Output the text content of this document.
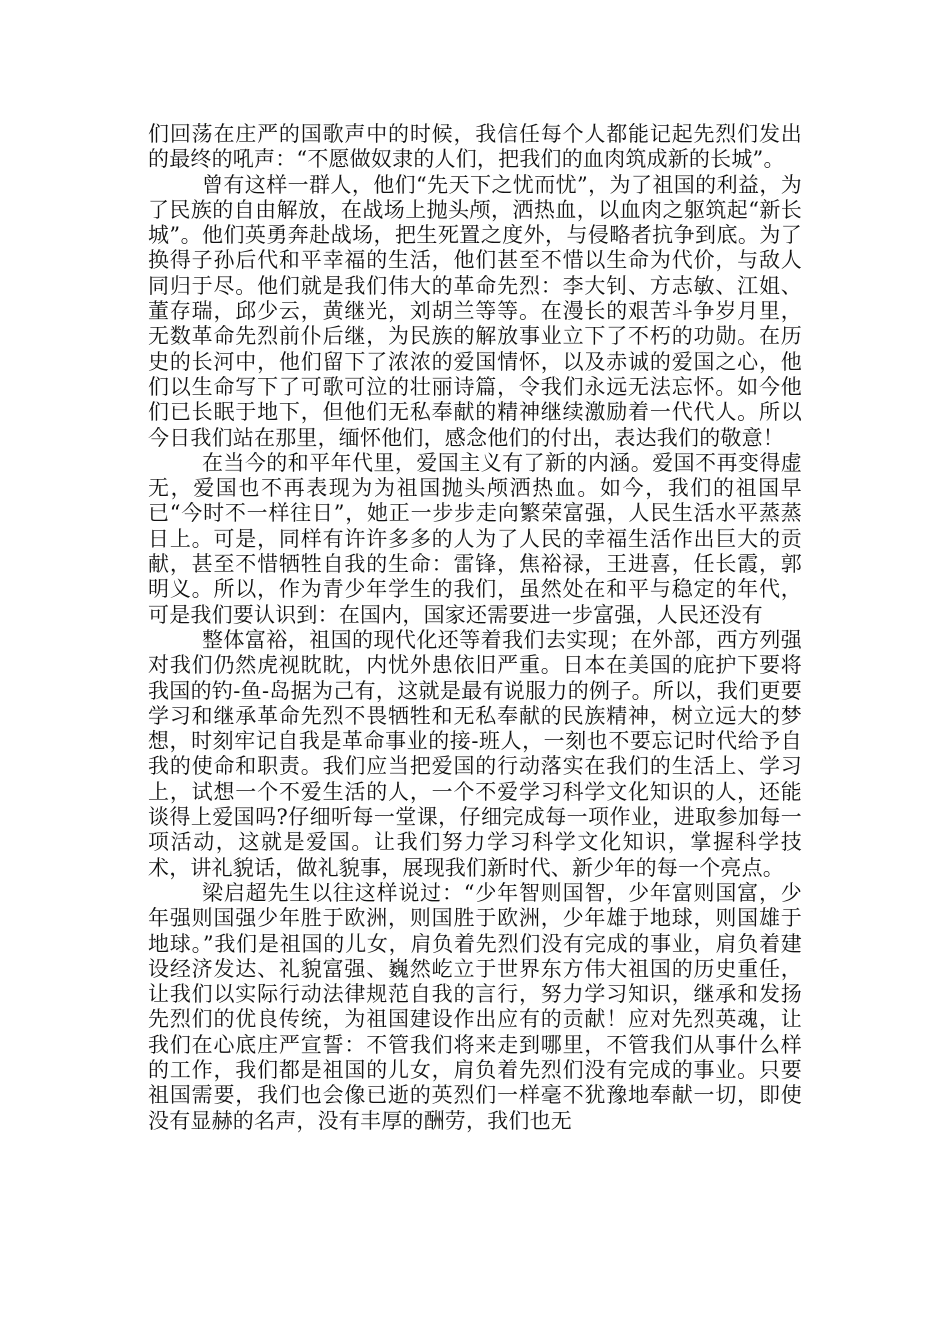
们回荡在庄严的国歌声中的时候，我信任每个人都能记起先烈们发出的最终的吼声：“不愿做奴隶的人们，把我们的血肉筑成新的长城”。

曾有这样一群人，他们“先天下之忧而忧”，为了祖国的利益，为了民族的自由解放，在战场上抛头颅，洒热血，以血肉之躯筑起“新长城”。他们英勇奔赴战场，把生死置之度外，与侵略者抗争到底。为了换得子孙后代和平幸福的生活，他们甚至不惜以生命为代价，与敌人同归于尽。他们就是我们伟大的革命先烈：李大钊、方志敏、江姐、董存瑞，邱少云，黄继光，刘胡兰等等。在漫长的艰苦斗争岁月里，无数革命先烈前仆后继，为民族的解放事业立下了不朽的功勋。在历史的长河中，他们留下了浓浓的爱国情怀，以及赤诚的爱国之心，他们以生命写下了可歌可泣的壮丽诗篇，令我们永远无法忘怀。如今他们已长眠于地下，但他们无私奉献的精神继续激励着一代代人。所以今日我们站在那里，缅怀他们，感念他们的付出，表达我们的敬意！

在当今的和平年代里，爱国主义有了新的内涵。爱国不再变得虚无，爱国也不再表现为为祖国抛头颅洒热血。如今，我们的祖国早已“今时不一样往日”，她正一步步走向繁荣富强，人民生活水平蒸蒸日上。可是，同样有许许多多的人为了人民的幸福生活作出巨大的贡献，甚至不惜牺牲自我的生命：雷锋，焦裕禄，王进喜，任长霞，郭明义。所以，作为青少年学生的我们，虽然处在和平与稳定的年代，可是我们要认识到：在国内，国家还需要进一步富强，人民还没有

整体富裕，祖国的现代化还等着我们去实现；在外部，西方列强对我们仍然虎视眈眈，内忧外患依旧严重。日本在美国的庇护下要将我国的钓-鱼-岛据为己有，这就是最有说服力的例子。所以，我们更要学习和继承革命先烈不畏牺牲和无私奉献的民族精神，树立远大的梦想，时刻牢记自我是革命事业的接-班人，一刻也不要忘记时代给予自我的使命和职责。我们应当把爱国的行动落实在我们的生活上、学习上，试想一个不爱生活的人，一个不爱学习科学文化知识的人，还能谈得上爱国吗?仔细听每一堂课，仔细完成每一项作业，进取参加每一项活动，这就是爱国。让我们努力学习科学文化知识，掌握科学技术，讲礼貌话，做礼貌事，展现我们新时代、新少年的每一个亮点。

梁启超先生以往这样说过：“少年智则国智，少年富则国富，少年强则国强少年胜于欧洲，则国胜于欧洲，少年雄于地球，则国雄于地球。”我们是祖国的儿女，肩负着先烈们没有完成的事业，肩负着建设经济发达、礼貌富强、巍然屹立于世界东方伟大祖国的历史重任，让我们以实际行动法律规范自我的言行，努力学习知识，继承和发扬先烈们的优良传统，为祖国建设作出应有的贡献！应对先烈英魂，让我们在心底庄严宣誓：不管我们将来走到哪里，不管我们从事什么样的工作，我们都是祖国的儿女，肩负着先烈们没有完成的事业。只要祖国需要，我们也会像已逝的英烈们一样毫不犹豫地奉献一切，即使没有显赫的名声，没有丰厚的酬劳，我们也无
